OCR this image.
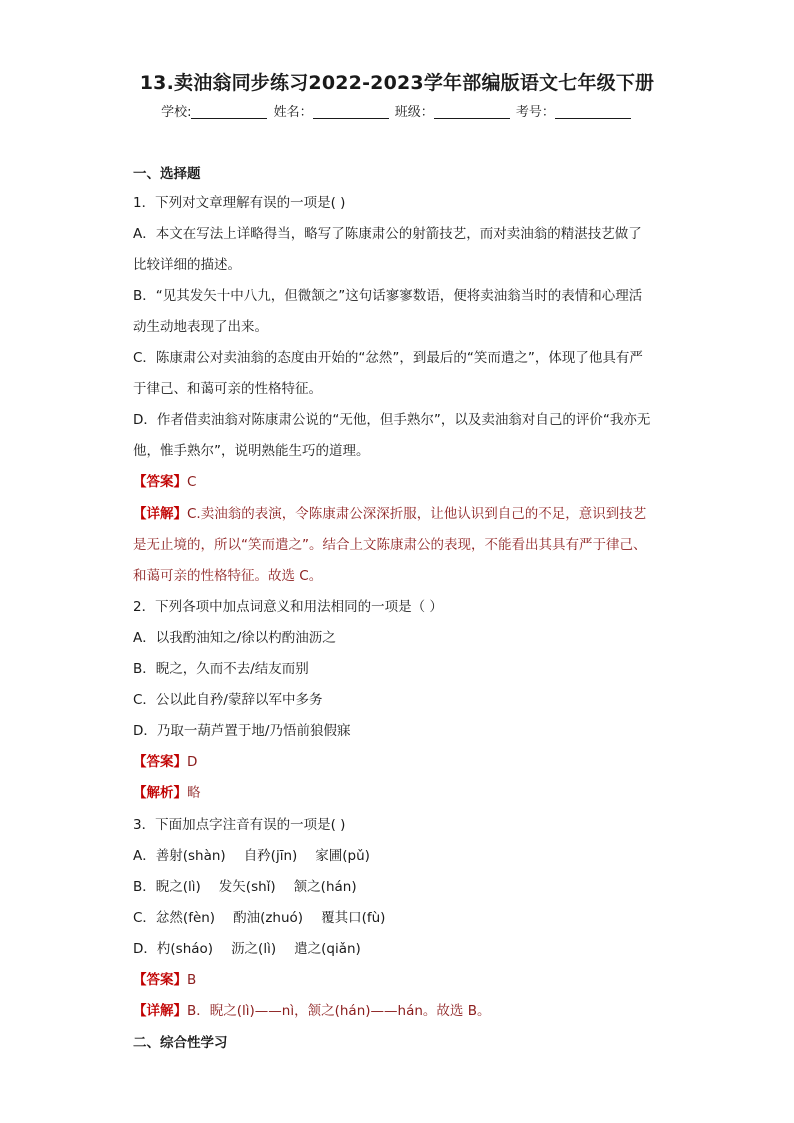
13.卖油翁同步练习2022-2023学年部编版语文七年级下册
学校:	姓名：	班级：	考号：
一、选择题
1．下列对文章理解有误的一项是( )
A．本文在写法上详略得当，略写了陈康肃公的射箭技艺，而对卖油翁的精湛技艺做了
比较详细的描述。
B．“见其发矢十中八九，但微颔之”这句话寥寥数语，便将卖油翁当时的表情和心理活
动生动地表现了出来。
C．陈康肃公对卖油翁的态度由开始的“忿然”，到最后的“笑而遣之”，体现了他具有严
于律己、和蔼可亲的性格特征。
D．作者借卖油翁对陈康肃公说的“无他，但手熟尔”，以及卖油翁对自己的评价“我亦无
他，惟手熟尔”，说明熟能生巧的道理。
【答案】C
【详解】C.卖油翁的表演，令陈康肃公深深折服，让他认识到自己的不足，意识到技艺
是无止境的，所以“笑而遣之”。结合上文陈康肃公的表现，不能看出其具有严于律己、
和蔼可亲的性格特征。故选 C。
2．下列各项中加点词意义和用法相同的一项是（ ）
A．以我酌油知之/徐以杓酌油沥之
B．睨之，久而不去/结友而别
C．公以此自矜/蒙辞以军中多务
D．乃取一葫芦置于地/乃悟前狼假寐
【答案】D
【解析】略
3．下面加点字注音有误的一项是( )
A．善射(shàn) 自矜(jīn) 家圃(pǔ)
B．睨之(lì) 发矢(shǐ) 颔之(hán)
C．忿然(fèn) 酌油(zhuó) 覆其口(fù)
D．杓(sháo) 沥之(lì) 遣之(qiǎn)
【答案】B
【详解】B．睨之(lì)——nì，颔之(hán)——hán。故选 B。
二、综合性学习
